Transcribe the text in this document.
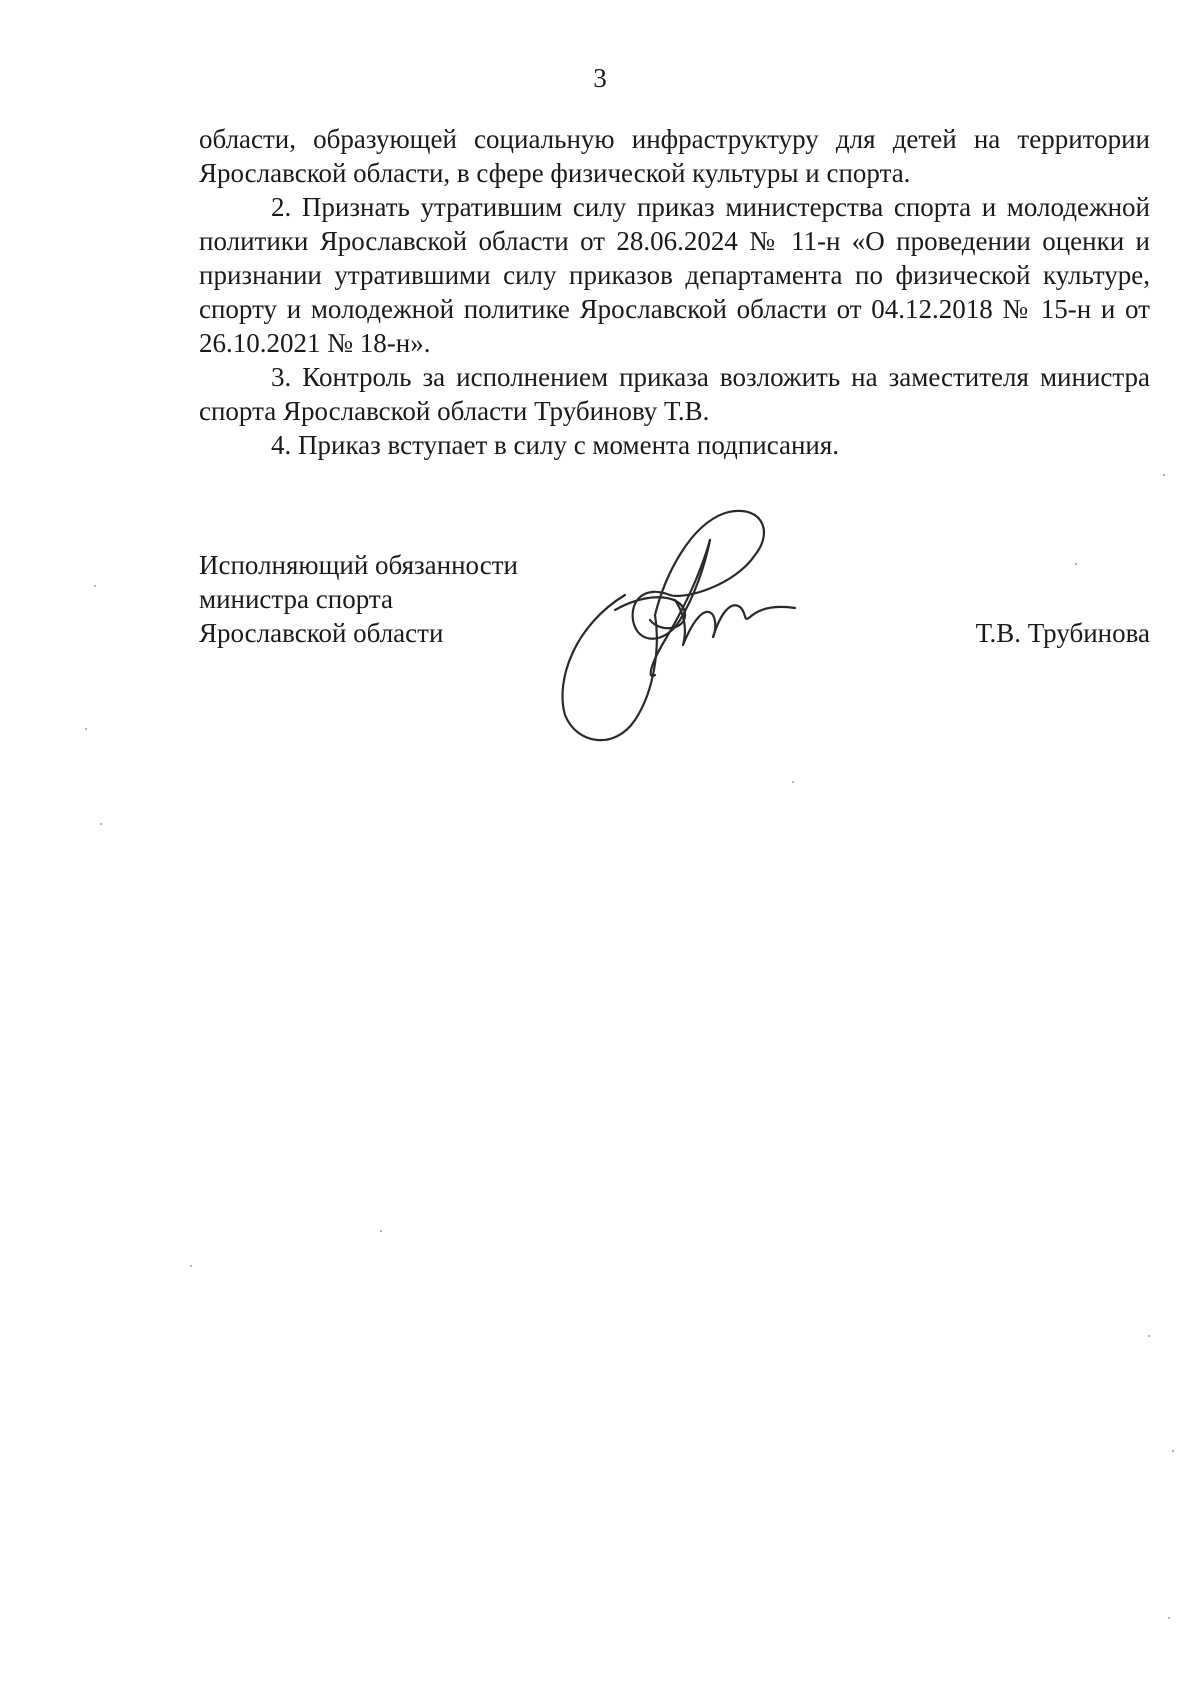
3

области, образующей социальную инфраструктуру для детей на территории Ярославской области, в сфере физической культуры и спорта.

2. Признать утратившим силу приказ министерства спорта и молодежной политики Ярославской области от 28.06.2024 № 11-н «О проведении оценки и признании утратившими силу приказов департамента по физической культуре, спорту и молодежной политике Ярославской области от 04.12.2018 № 15-н и от 26.10.2021 № 18-н».

3. Контроль за исполнением приказа возложить на заместителя министра спорта Ярославской области Трубинову Т.В.

4. Приказ вступает в силу с момента подписания.

Исполняющий обязанности
министра спорта
Ярославской области	Т.В. Трубинова
